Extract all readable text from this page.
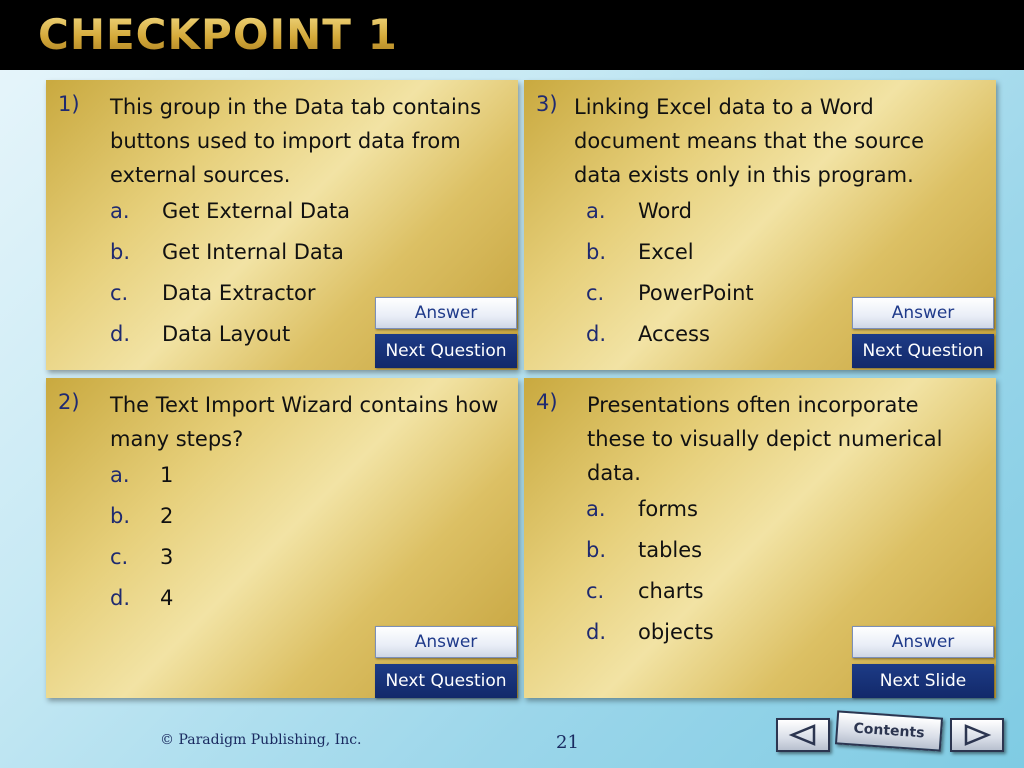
CHECKPOINT 1
1) This group in the Data tab contains buttons used to import data from external sources.
a. Get External Data
b. Get Internal Data
c. Data Extractor
d. Data Layout
Answer
Next Question
2) The Text Import Wizard contains how many steps?
a. 1
b. 2
c. 3
d. 4
Answer
Next Question
3) Linking Excel data to a Word document means that the source data exists only in this program.
a. Word
b. Excel
c. PowerPoint
d. Access
Answer
Next Question
4) Presentations often incorporate these to visually depict numerical data.
a. forms
b. tables
c. charts
d. objects	Answer
Next Slide
© Paradigm Publishing, Inc.	21
Contents
